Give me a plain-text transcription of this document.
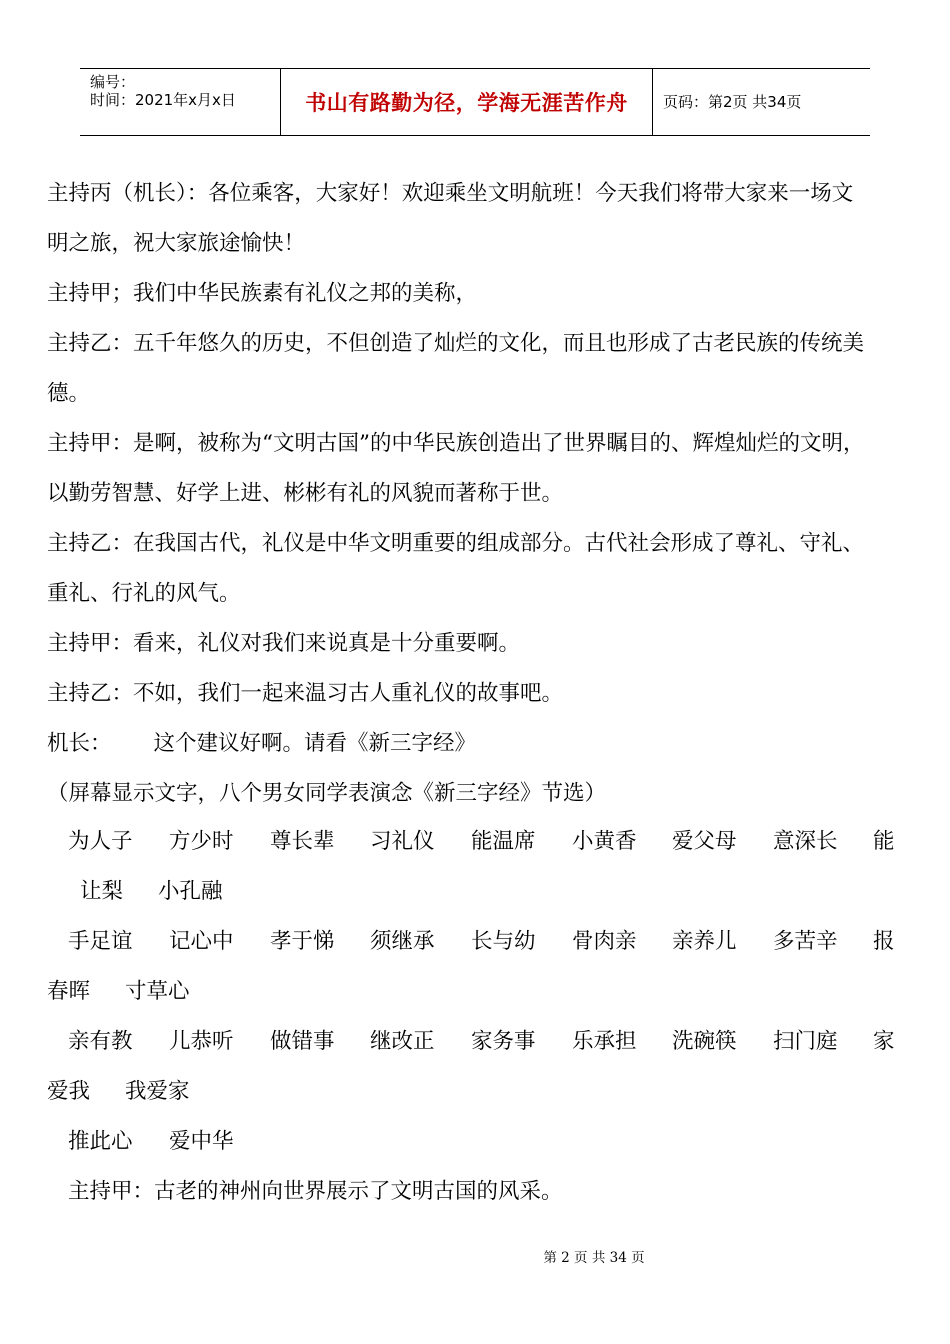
编号：
时间：2021年x月x日	书山有路勤为径，学海无涯苦作舟 页码：第2页 共34页
主持丙（机长）：各位乘客，大家好！欢迎乘坐文明航班！今天我们将带大家来一场文
明之旅，祝大家旅途愉快！
主持甲；我们中华民族素有礼仪之邦的美称，
主持乙：五千年悠久的历史，不但创造了灿烂的文化，而且也形成了古老民族的传统美
德。
主持甲：是啊，被称为“文明古国”的中华民族创造出了世界瞩目的、辉煌灿烂的文明，
以勤劳智慧、好学上进、彬彬有礼的风貌而著称于世。
主持乙：在我国古代，礼仪是中华文明重要的组成部分。古代社会形成了尊礼、守礼、
重礼、行礼的风气。
主持甲：看来，礼仪对我们来说真是十分重要啊。
主持乙：不如，我们一起来温习古人重礼仪的故事吧。
机长： 这个建议好啊。请看《新三字经》
（屏幕显示文字，八个男女同学表演念《新三字经》节选）
为人子 方少时 尊长辈 习礼仪 能温席 小黄香 爱父母 意深长 能
让梨 小孔融
手足谊 记心中 孝于悌 须继承 长与幼 骨肉亲 亲养儿 多苦辛 报
春晖 寸草心
亲有教 儿恭听 做错事 继改正 家务事 乐承担 洗碗筷 扫门庭 家
爱我 我爱家
推此心 爱中华
主持甲：古老的神州向世界展示了文明古国的风采。
第 2 页 共 34 页
